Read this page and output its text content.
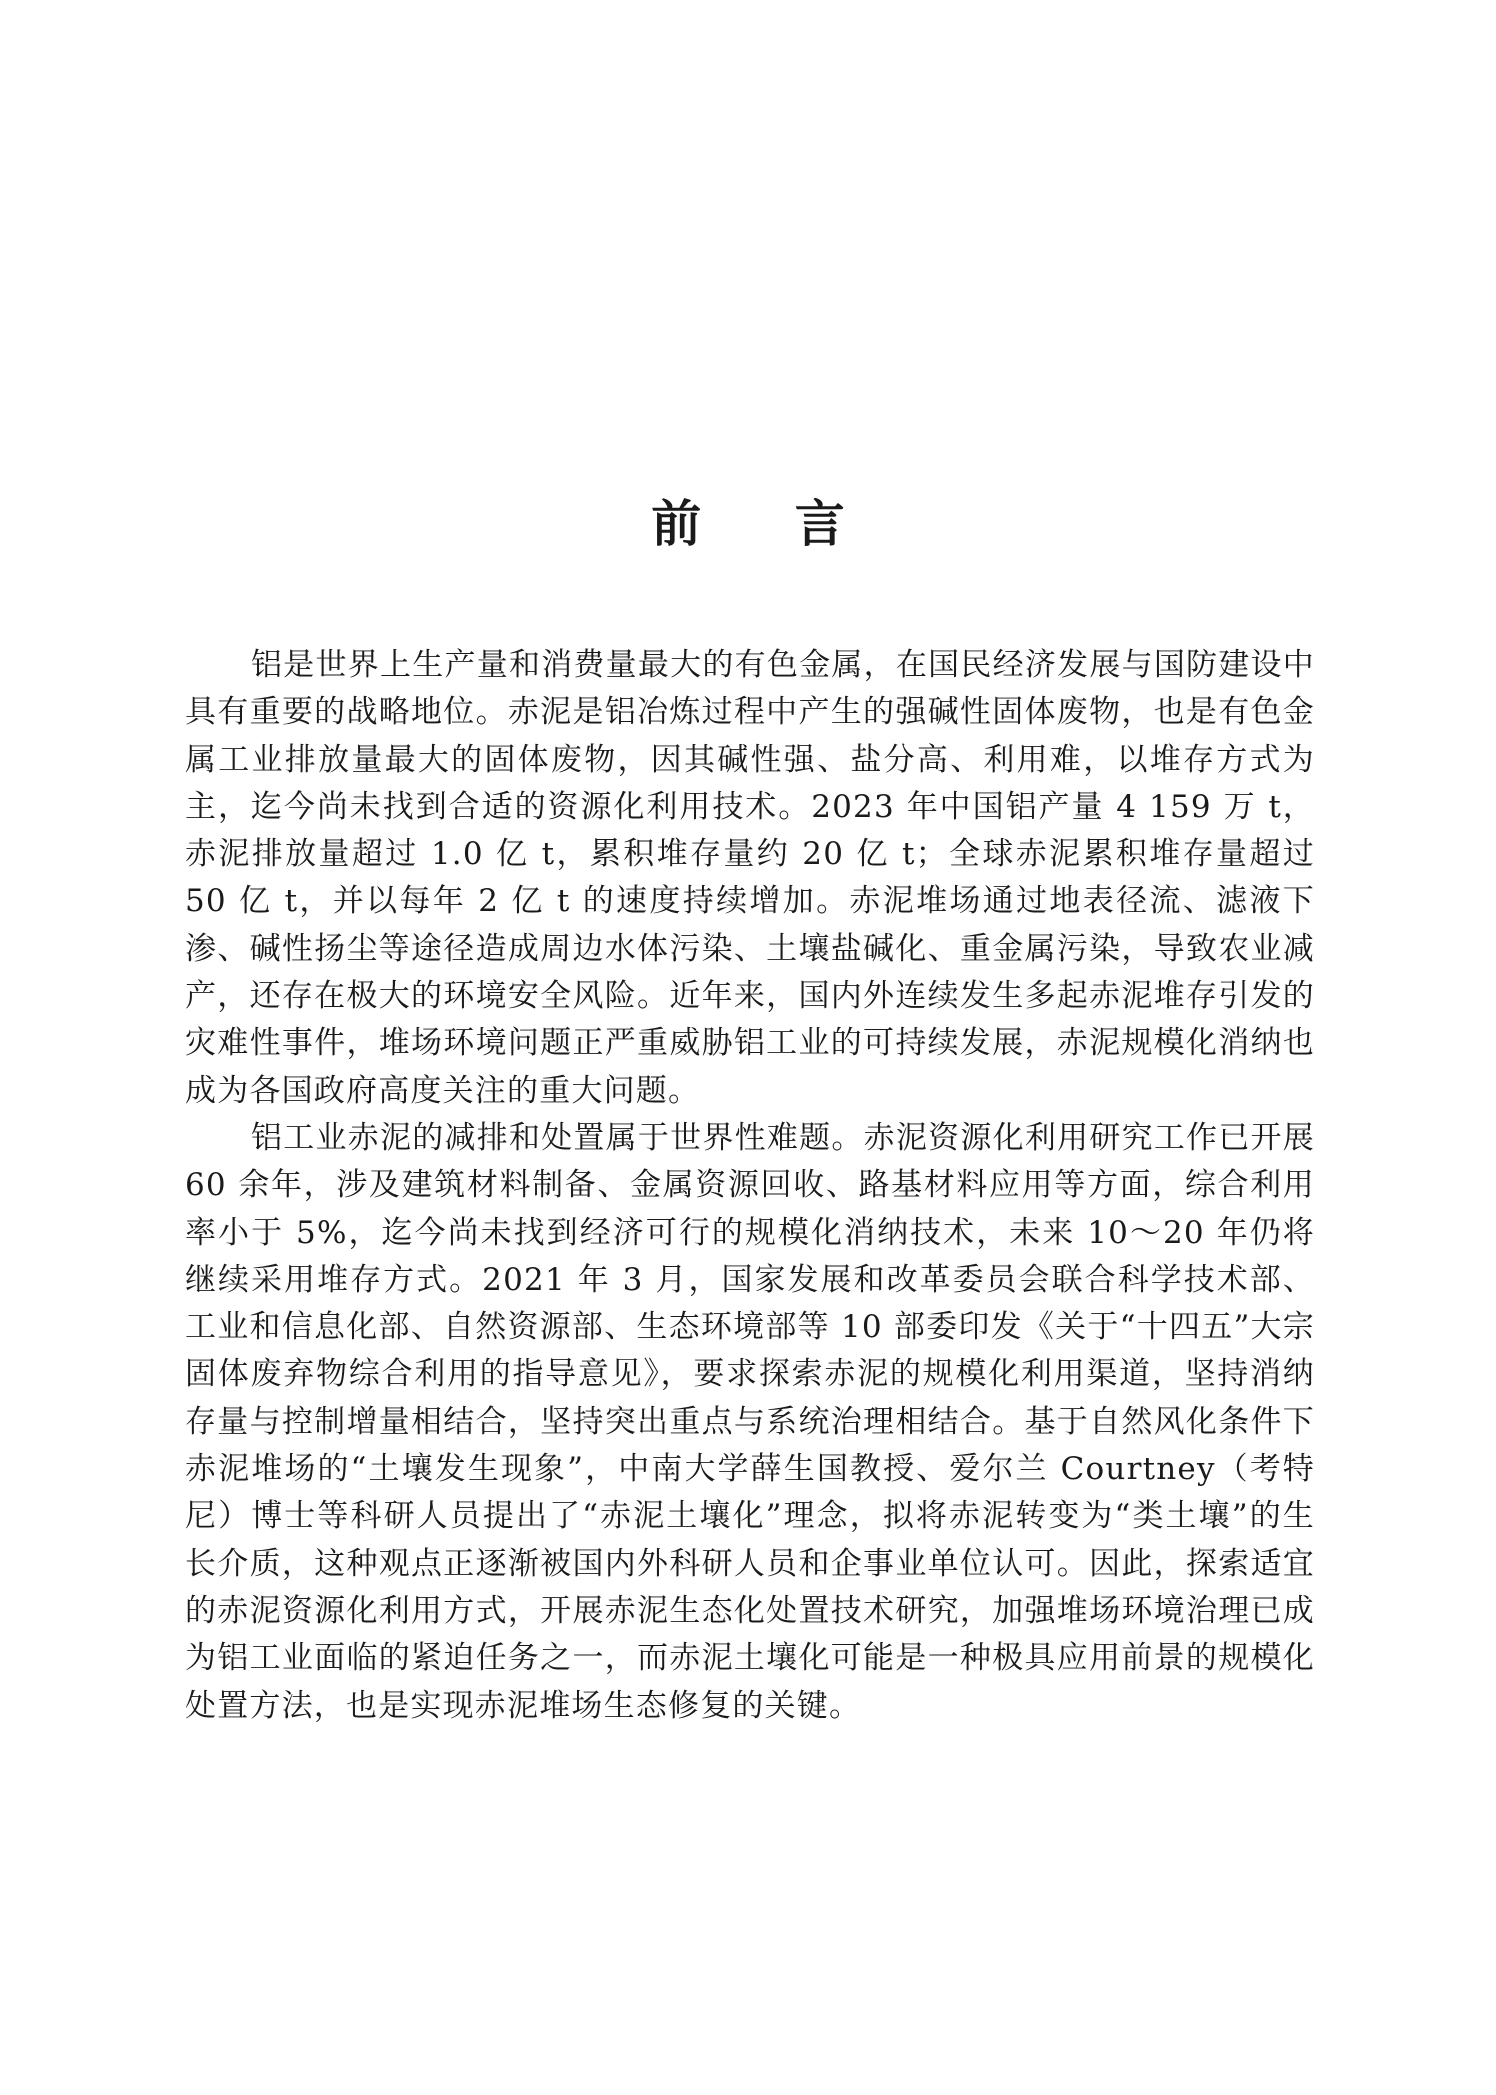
前 言

铝是世界上生产量和消费量最大的有色金属，在国民经济发展与国防建设中具有重要的战略地位。赤泥是铝冶炼过程中产生的强碱性固体废物，也是有色金属工业排放量最大的固体废物，因其碱性强、盐分高、利用难，以堆存方式为主，迄今尚未找到合适的资源化利用技术。2023 年中国铝产量 4 159 万 t，赤泥排放量超过 1.0 亿 t，累积堆存量约 20 亿 t；全球赤泥累积堆存量超过 50 亿 t，并以每年 2 亿 t 的速度持续增加。赤泥堆场通过地表径流、滤液下渗、碱性扬尘等途径造成周边水体污染、土壤盐碱化、重金属污染，导致农业减产，还存在极大的环境安全风险。近年来，国内外连续发生多起赤泥堆存引发的灾难性事件，堆场环境问题正严重威胁铝工业的可持续发展，赤泥规模化消纳也成为各国政府高度关注的重大问题。

铝工业赤泥的减排和处置属于世界性难题。赤泥资源化利用研究工作已开展 60 余年，涉及建筑材料制备、金属资源回收、路基材料应用等方面，综合利用率小于 5%，迄今尚未找到经济可行的规模化消纳技术，未来 10～20 年仍将继续采用堆存方式。2021 年 3 月，国家发展和改革委员会联合科学技术部、工业和信息化部、自然资源部、生态环境部等 10 部委印发《关于“十四五”大宗固体废弃物综合利用的指导意见》，要求探索赤泥的规模化利用渠道，坚持消纳存量与控制增量相结合，坚持突出重点与系统治理相结合。基于自然风化条件下赤泥堆场的“土壤发生现象”，中南大学薛生国教授、爱尔兰 Courtney（考特尼）博士等科研人员提出了“赤泥土壤化”理念，拟将赤泥转变为“类土壤”的生长介质，这种观点正逐渐被国内外科研人员和企事业单位认可。因此，探索适宜的赤泥资源化利用方式，开展赤泥生态化处置技术研究，加强堆场环境治理已成为铝工业面临的紧迫任务之一，而赤泥土壤化可能是一种极具应用前景的规模化处置方法，也是实现赤泥堆场生态修复的关键。
